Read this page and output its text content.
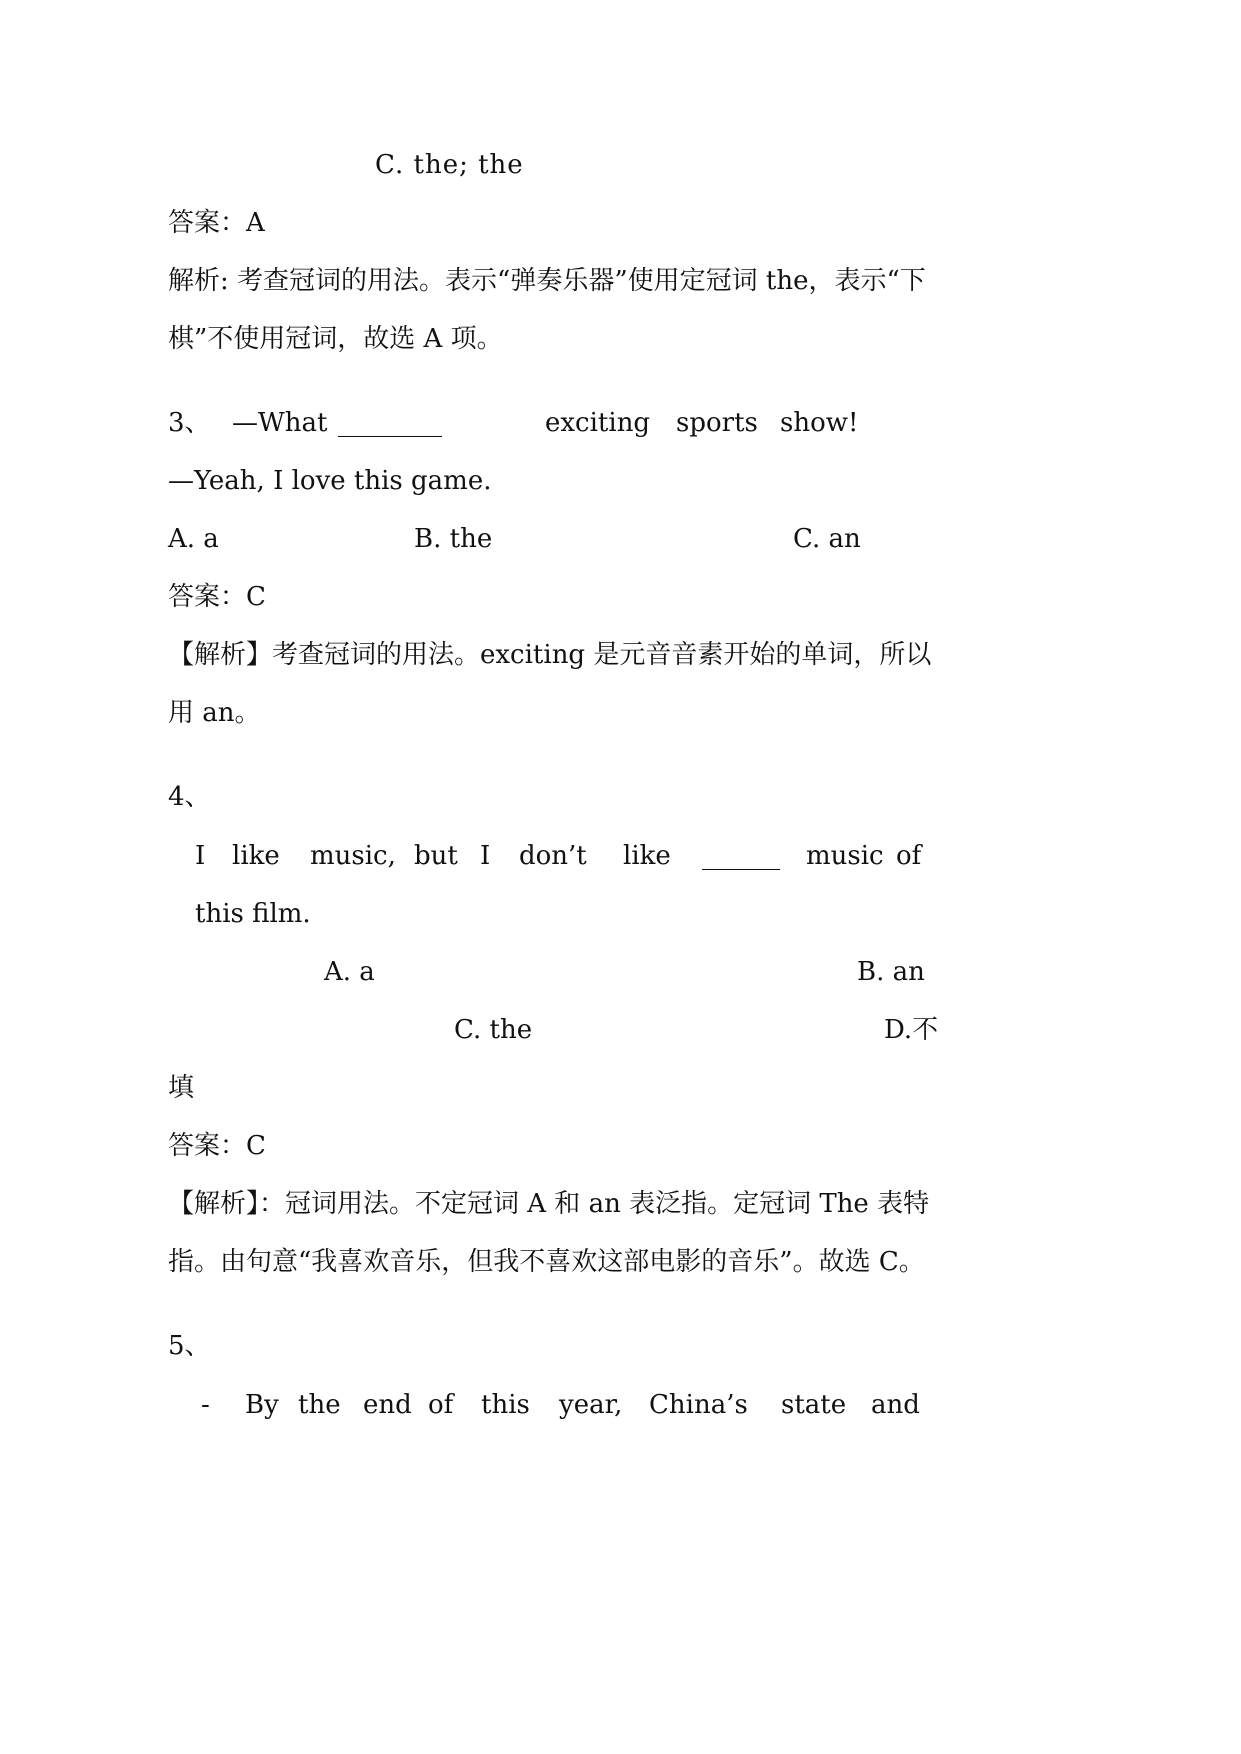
C. the; the
答案：A
解析: 考查冠词的用法。表示“弹奏乐器”使用定冠词 the，表示“下
棋”不使用冠词，故选 A 项。
3、 —What ________	exciting sports show!
—Yeah, I love this game.
A. a	B. the	C. an
答案：C
【解析】考查冠词的用法。exciting 是元音音素开始的单词，所以
用 an。
4、
I like music, but I don’t like ______ music of
this film.
A. a	B. an
C. the	D.不
填
答案：C
【解析】：冠词用法。不定冠词 A 和 an 表泛指。定冠词 The 表特
指。由句意“我喜欢音乐，但我不喜欢这部电影的音乐”。故选 C。
5、
- By the end of this year, China’s state and
